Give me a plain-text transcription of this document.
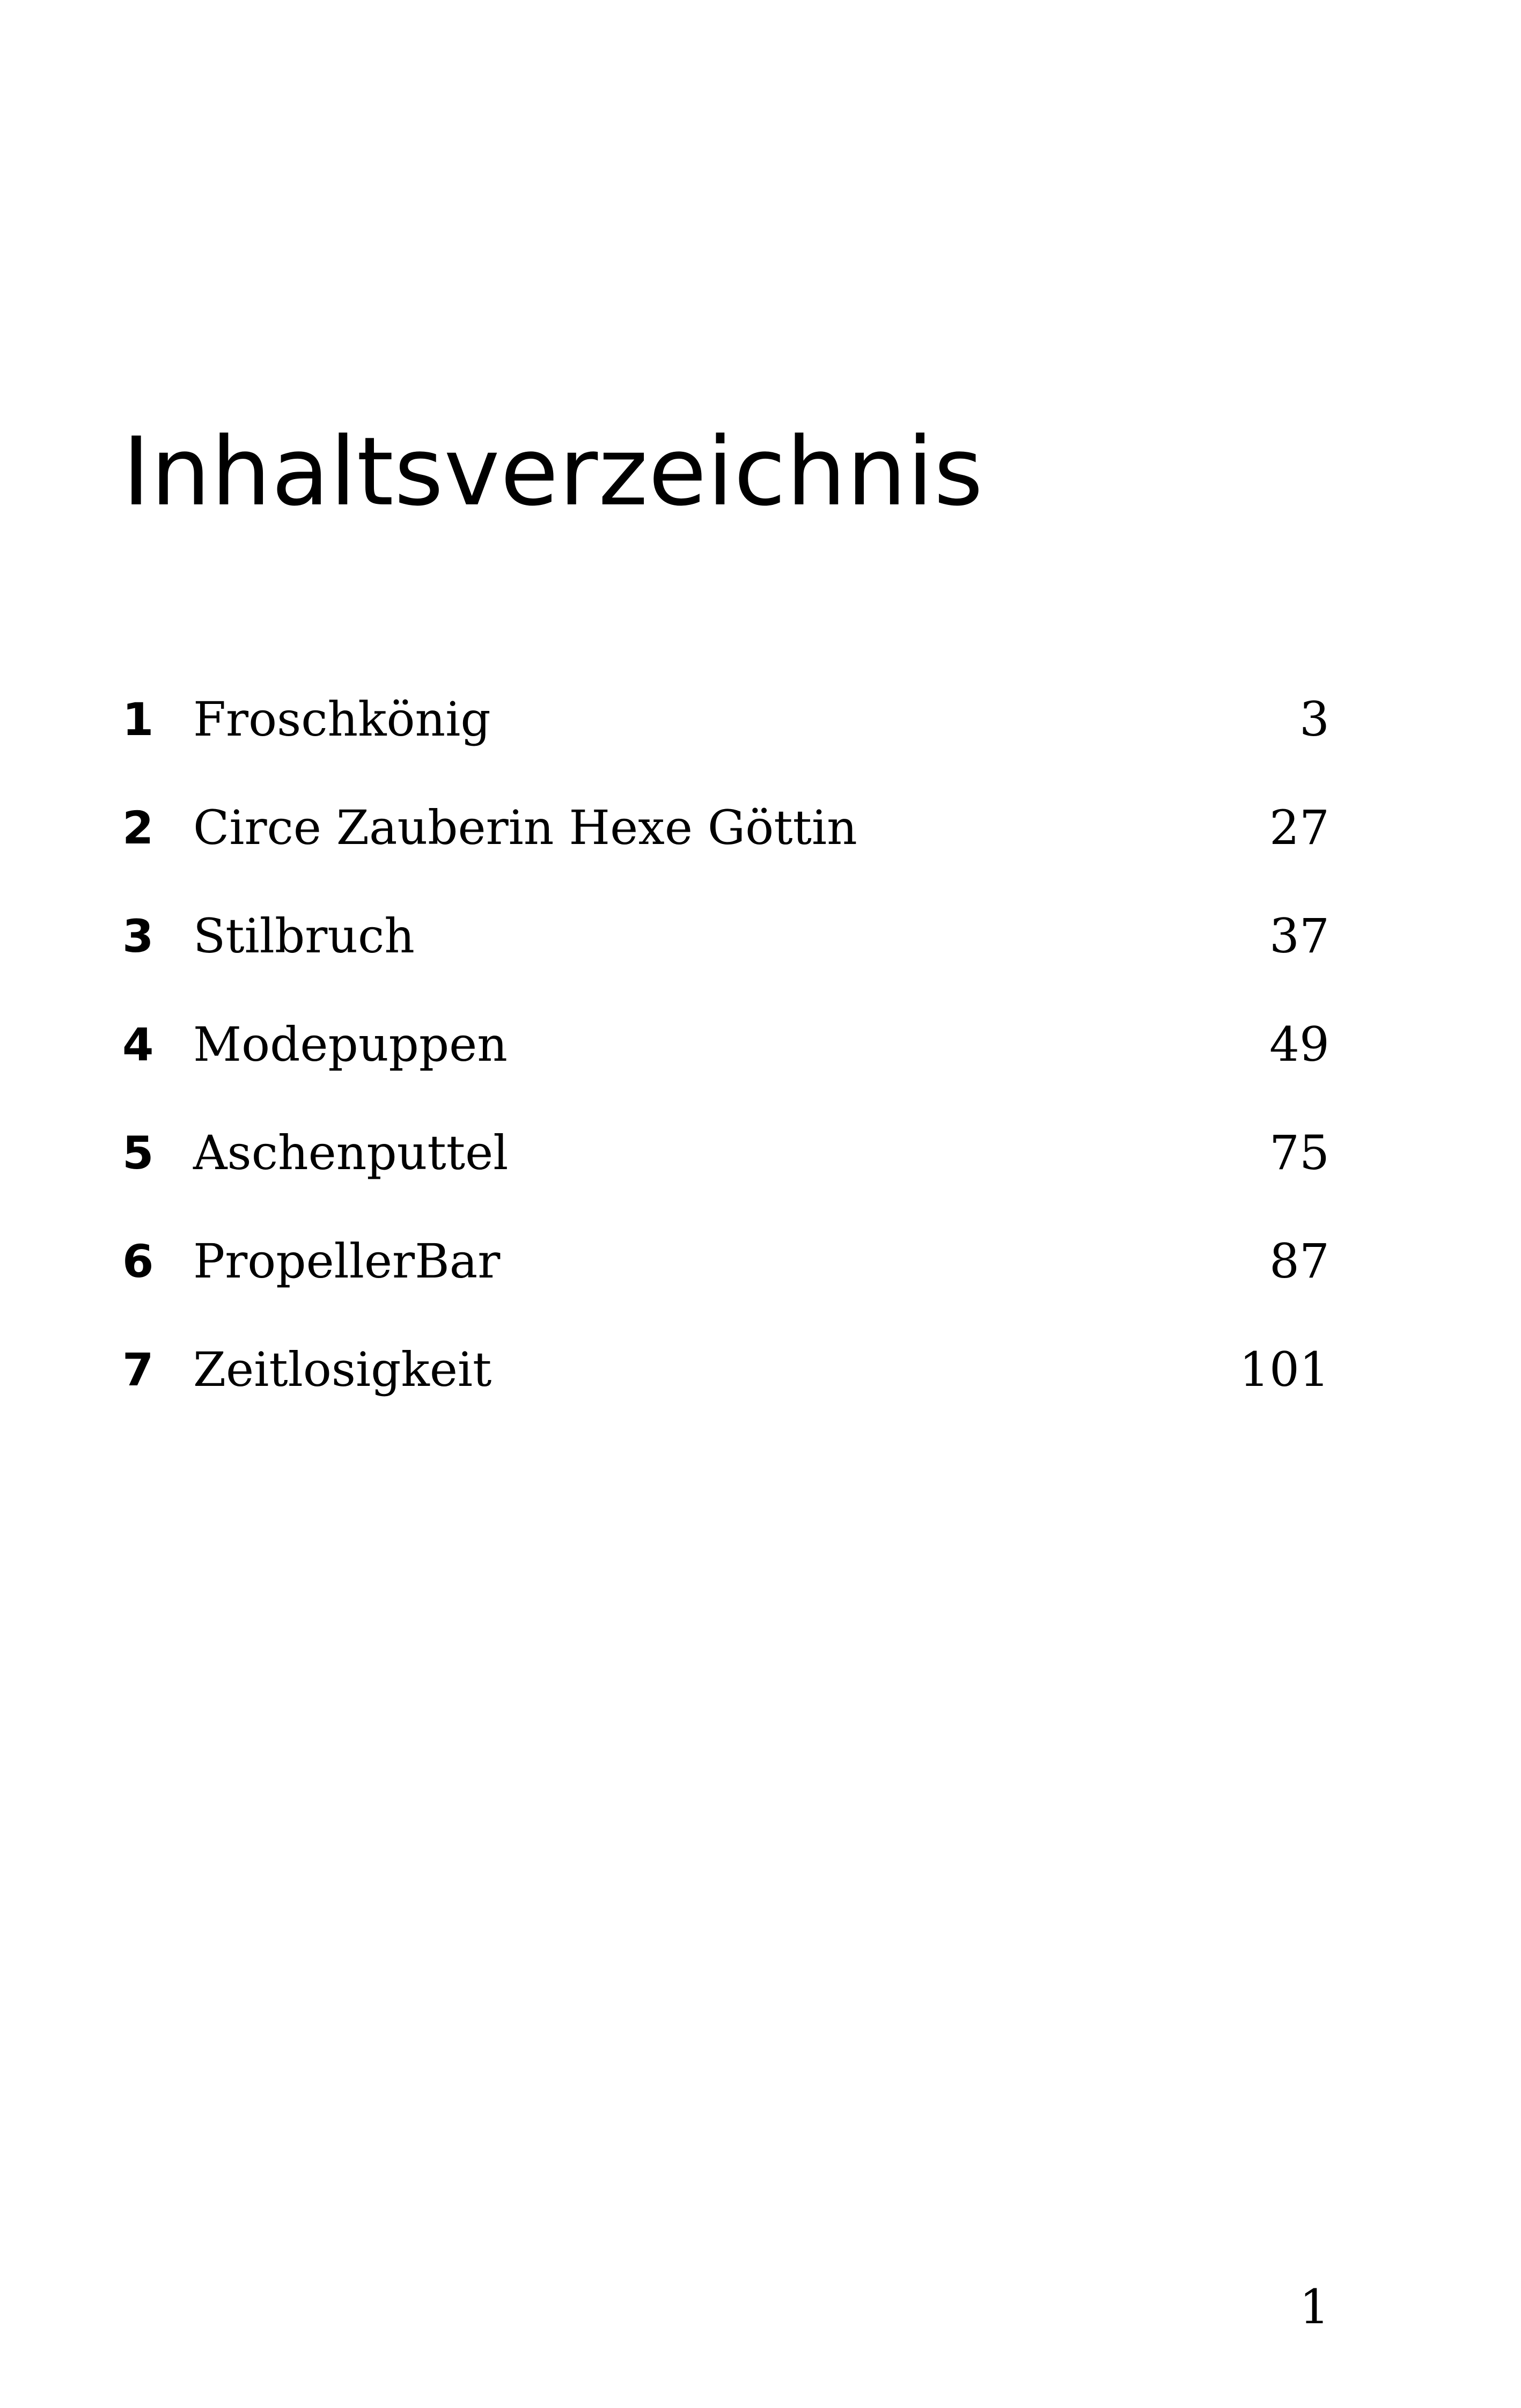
Inhaltsverzeichnis
1 Froschkönig	3
2 Circe Zauberin Hexe Göttin	27
3 Stilbruch	37
4 Modepuppen	49
5 Aschenputtel	75
6 PropellerBar	87
7 Zeitlosigkeit	101
1
